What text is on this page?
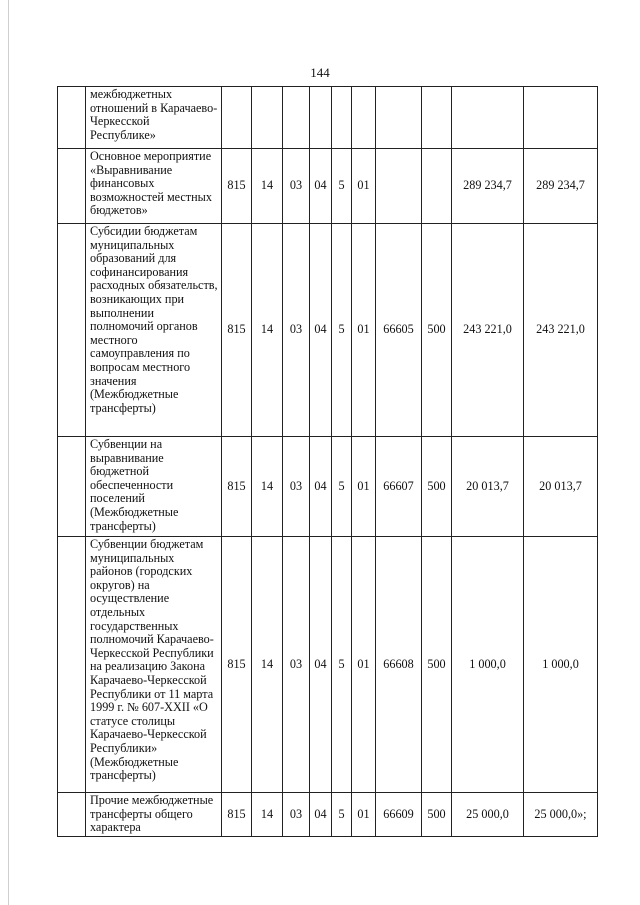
144
	межбюджетных отношений в Карачаево-Черкесской Республике»										
	Основное мероприятие «Выравнивание финансовых возможностей местных бюджетов»	815	14	03	04	5	01			289 234,7	289 234,7
	Субсидии бюджетам муниципальных образований для софинансирования расходных обязательств, возникающих при выполнении полномочий органов местного самоуправления по вопросам местного значения (Межбюджетные трансферты)	815	14	03	04	5	01	66605	500	243 221,0	243 221,0
	Субвенции на выравнивание бюджетной обеспеченности поселений (Межбюджетные трансферты)	815	14	03	04	5	01	66607	500	20 013,7	20 013,7
	Субвенции бюджетам муниципальных районов (городских округов) на осуществление отдельных государственных полномочий Карачаево-Черкесской Республики на реализацию Закона Карачаево-Черкесской Республики от 11 марта 1999 г. № 607-XXII «О статусе столицы Карачаево-Черкесской Республики» (Межбюджетные трансферты)	815	14	03	04	5	01	66608	500	1 000,0	1 000,0
	Прочие межбюджетные трансферты общего характера	815	14	03	04	5	01	66609	500	25 000,0	25 000,0»;
